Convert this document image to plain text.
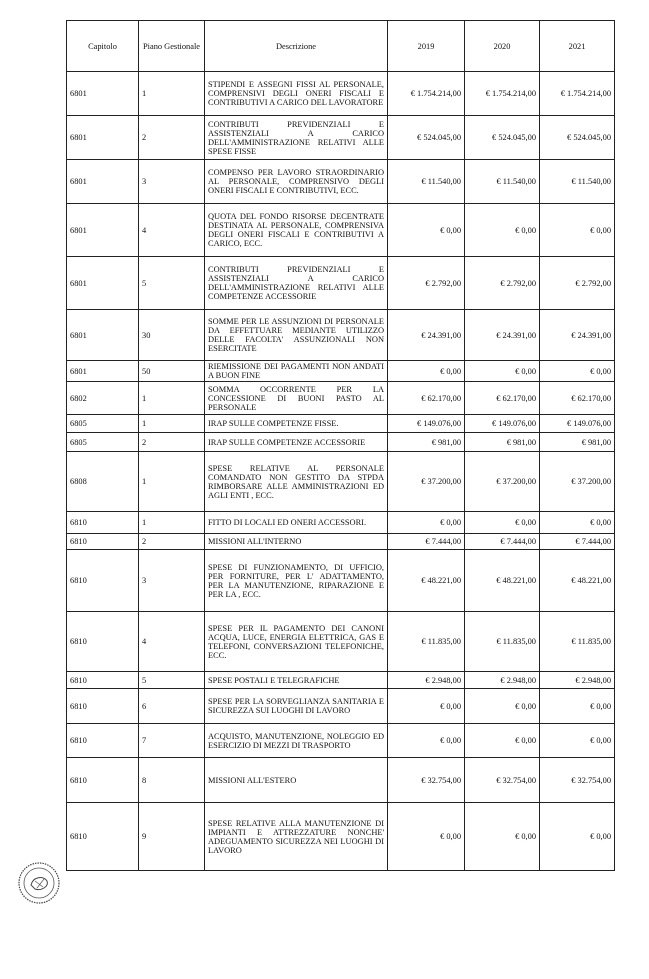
Capitolo	Piano Gestionale	Descrizione	2019	2020	2021
6801	1	STIPENDI E ASSEGNI FISSI AL PERSONALE, COMPRENSIVI DEGLI ONERI FISCALI E CONTRIBUTIVI A CARICO DEL LAVORATORE	€ 1.754.214,00	€ 1.754.214,00	€ 1.754.214,00
6801	2	CONTRIBUTI PREVIDENZIALI E ASSISTENZIALI A CARICO DELL'AMMINISTRAZIONE RELATIVI ALLE SPESE FISSE	€ 524.045,00	€ 524.045,00	€ 524.045,00
6801	3	COMPENSO PER LAVORO STRAORDINARIO AL PERSONALE, COMPRENSIVO DEGLI ONERI FISCALI E CONTRIBUTIVI, ECC.	€ 11.540,00	€ 11.540,00	€ 11.540,00
6801	4	QUOTA DEL FONDO RISORSE DECENTRATE DESTINATA AL PERSONALE, COMPRENSIVA DEGLI ONERI FISCALI E CONTRIBUTIVI A CARICO, ECC.	€ 0,00	€ 0,00	€ 0,00
6801	5	CONTRIBUTI PREVIDENZIALI E ASSISTENZIALI A CARICO DELL'AMMINISTRAZIONE RELATIVI ALLE COMPETENZE ACCESSORIE	€ 2.792,00	€ 2.792,00	€ 2.792,00
6801	30	SOMME PER LE ASSUNZIONI DI PERSONALE DA EFFETTUARE MEDIANTE UTILIZZO DELLE FACOLTA' ASSUNZIONALI NON ESERCITATE	€ 24.391,00	€ 24.391,00	€ 24.391,00
6801	50	RIEMISSIONE DEI PAGAMENTI NON ANDATI A BUON FINE	€ 0,00	€ 0,00	€ 0,00
6802	1	SOMMA OCCORRENTE PER LA CONCESSIONE DI BUONI PASTO AL PERSONALE	€ 62.170,00	€ 62.170,00	€ 62.170,00
6805	1	IRAP SULLE COMPETENZE FISSE.	€ 149.076,00	€ 149.076,00	€ 149.076,00
6805	2	IRAP SULLE COMPETENZE ACCESSORIE	€ 981,00	€ 981,00	€ 981,00
6808	1	SPESE RELATIVE AL PERSONALE COMANDATO NON GESTITO DA STPDA RIMBORSARE ALLE AMMINISTRAZIONI ED AGLI ENTI , ECC.	€ 37.200,00	€ 37.200,00	€ 37.200,00
6810	1	FITTO DI LOCALI ED ONERI ACCESSORI.	€ 0,00	€ 0,00	€ 0,00
6810	2	MISSIONI ALL'INTERNO	€ 7.444,00	€ 7.444,00	€ 7.444,00
6810	3	SPESE DI FUNZIONAMENTO, DI UFFICIO, PER FORNITURE, PER L' ADATTAMENTO, PER LA MANUTENZIONE, RIPARAZIONE E PER LA , ECC.	€ 48.221,00	€ 48.221,00	€ 48.221,00
6810	4	SPESE PER IL PAGAMENTO DEI CANONI ACQUA, LUCE, ENERGIA ELETTRICA, GAS E TELEFONI, CONVERSAZIONI TELEFONICHE, ECC.	€ 11.835,00	€ 11.835,00	€ 11.835,00
6810	5	SPESE POSTALI E TELEGRAFICHE	€ 2.948,00	€ 2.948,00	€ 2.948,00
6810	6	SPESE PER LA SORVEGLIANZA SANITARIA E SICUREZZA SUI LUOGHI DI LAVORO	€ 0,00	€ 0,00	€ 0,00
6810	7	ACQUISTO, MANUTENZIONE, NOLEGGIO ED ESERCIZIO DI MEZZI DI TRASPORTO	€ 0,00	€ 0,00	€ 0,00
6810	8	MISSIONI ALL'ESTERO	€ 32.754,00	€ 32.754,00	€ 32.754,00
6810	9	SPESE RELATIVE ALLA MANUTENZIONE DI IMPIANTI E ATTREZZATURE NONCHE' ADEGUAMENTO SICUREZZA NEI LUOGHI DI LAVORO	€ 0,00	€ 0,00	€ 0,00
